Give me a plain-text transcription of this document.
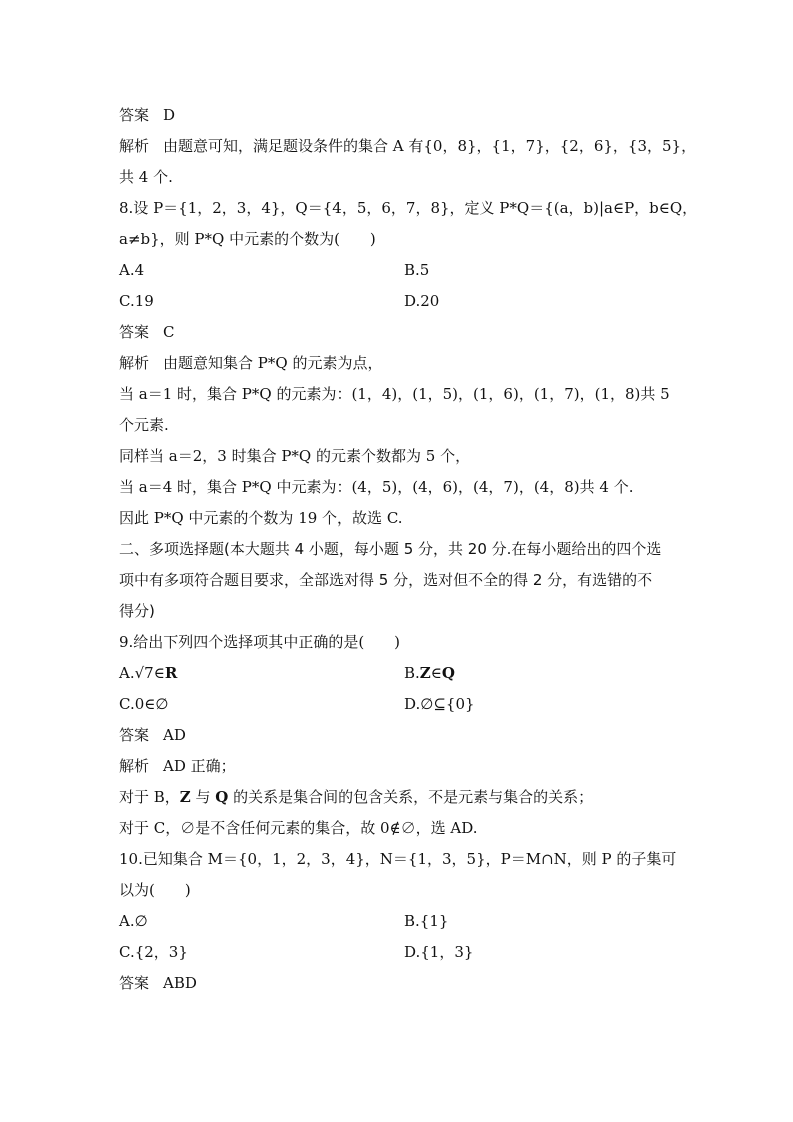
答案 D
解析 由题意可知，满足题设条件的集合 A 有{0，8}，{1，7}，{2，6}，{3，5}，
共 4 个.
8.设 P＝{1，2，3，4}，Q＝{4，5，6，7，8}，定义 P*Q＝{(a，b)|a∈P，b∈Q，
a≠b}，则 P*Q 中元素的个数为(　　)
A.4	B.5
C.19	D.20
答案 C
解析 由题意知集合 P*Q 的元素为点，
当 a＝1 时，集合 P*Q 的元素为：(1，4)，(1，5)，(1，6)，(1，7)，(1，8)共 5
个元素.
同样当 a＝2，3 时集合 P*Q 的元素个数都为 5 个，
当 a＝4 时，集合 P*Q 中元素为：(4，5)，(4，6)，(4，7)，(4，8)共 4 个.
因此 P*Q 中元素的个数为 19 个，故选 C.
二、多项选择题(本大题共 4 小题，每小题 5 分，共 20 分.在每小题给出的四个选
项中有多项符合题目要求，全部选对得 5 分，选对但不全的得 2 分，有选错的不
得分)
9.给出下列四个选择项其中正确的是(　　)
A.√7∈R	B.Z∈Q
C.0∈∅	D.∅⊆{0}
答案 AD
解析 AD 正确；
对于 B，Z 与 Q 的关系是集合间的包含关系，不是元素与集合的关系；
对于 C，∅是不含任何元素的集合，故 0∉∅，选 AD.
10.已知集合 M＝{0，1，2，3，4}，N＝{1，3，5}，P＝M∩N，则 P 的子集可
以为(　　)
A.∅	B.{1}
C.{2，3}	D.{1，3}
答案 ABD
